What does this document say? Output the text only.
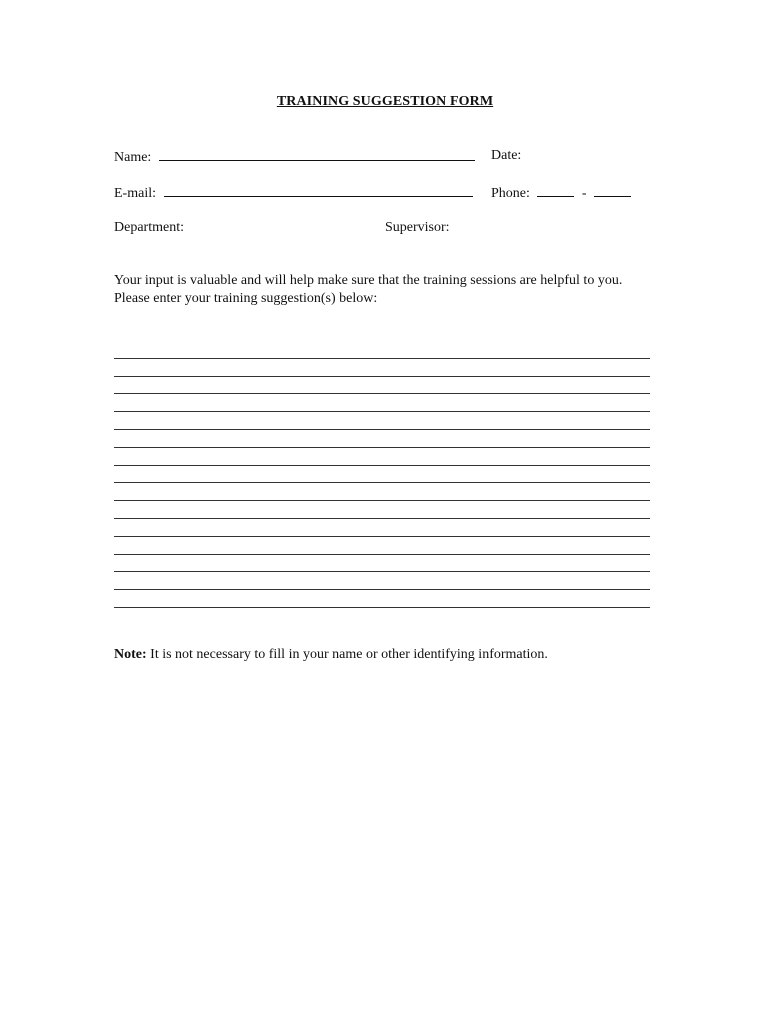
TRAINING SUGGESTION FORM
Name:	Date:
E-mail:	Phone:	-
Department:	Supervisor:
Your input is valuable and will help make sure that the training sessions are helpful to you. Please enter your training suggestion(s) below:
Note: It is not necessary to fill in your name or other identifying information.
